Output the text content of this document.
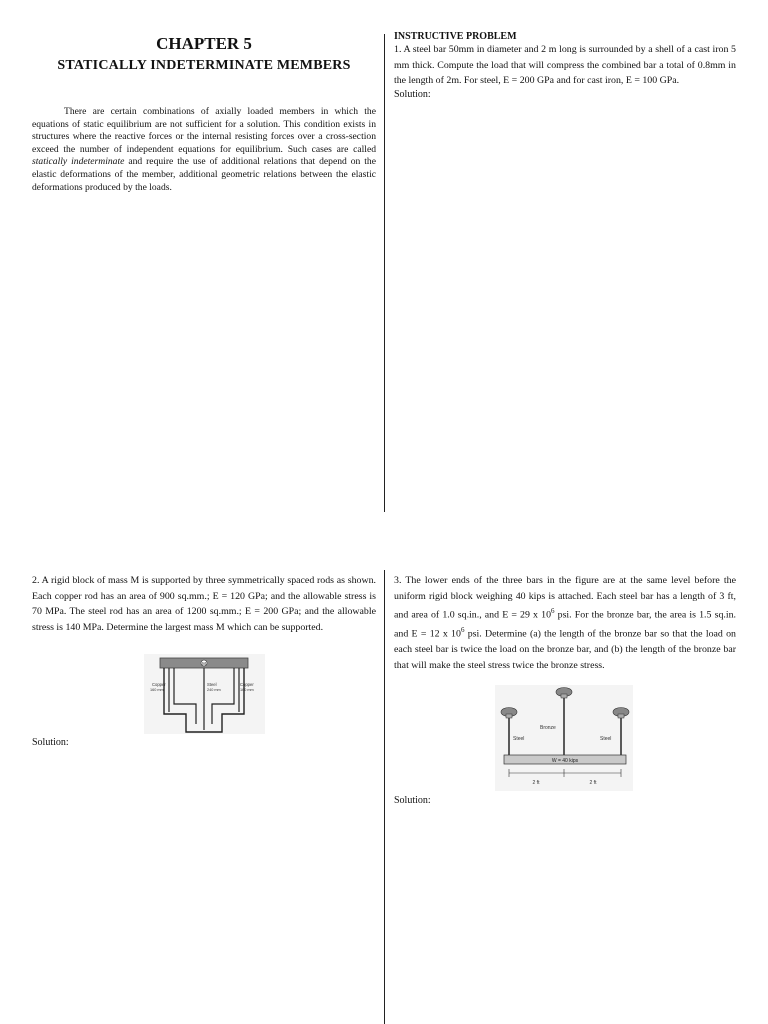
CHAPTER 5
STATICALLY INDETERMINATE MEMBERS

There are certain combinations of axially loaded members in which the equations of static equilibrium are not sufficient for a solution. This condition exists in structures where the reactive forces or the internal resisting forces over a cross-section exceed the number of independent equations for equilibrium. Such cases are called statically indeterminate and require the use of additional relations that depend on the elastic deformations of the member, additional geometric relations between the elastic deformations produced by the loads.

INSTRUCTIVE PROBLEM

1. A steel bar 50mm in diameter and 2 m long is surrounded by a shell of a cast iron 5 mm thick. Compute the load that will compress the combined bar a total of 0.8mm in the length of 2m. For steel, E = 200 GPa and for cast iron, E = 100 GPa.

Solution:

2. A rigid block of mass M is supported by three symmetrically spaced rods as shown. Each copper rod has an area of 900 sq.mm.; E = 120 GPa; and the allowable stress is 70 MPa. The steel rod has an area of 1200 sq.mm.; E = 200 GPa; and the allowable stress is 140 MPa. Determine the largest mass M which can be supported.

M
Copper
160 mm
Steel
240 mm
Copper
160 mm

Solution:

3. The lower ends of the three bars in the figure are at the same level before the uniform rigid block weighing 40 kips is attached. Each steel bar has a length of 3 ft, and area of 1.0 sq.in., and E = 29 x $10^6$ psi. For the bronze bar, the area is 1.5 sq.in. and E = 12 x $10^6$ psi. Determine (a) the length of the bronze bar so that the load on each steel bar is twice the load on the bronze bar, and (b) the length of the bronze bar that will make the steel stress twice the bronze stress.

Steel
Bronze
Steel
W = 40 kips
2 ft	2 ft

Solution:
